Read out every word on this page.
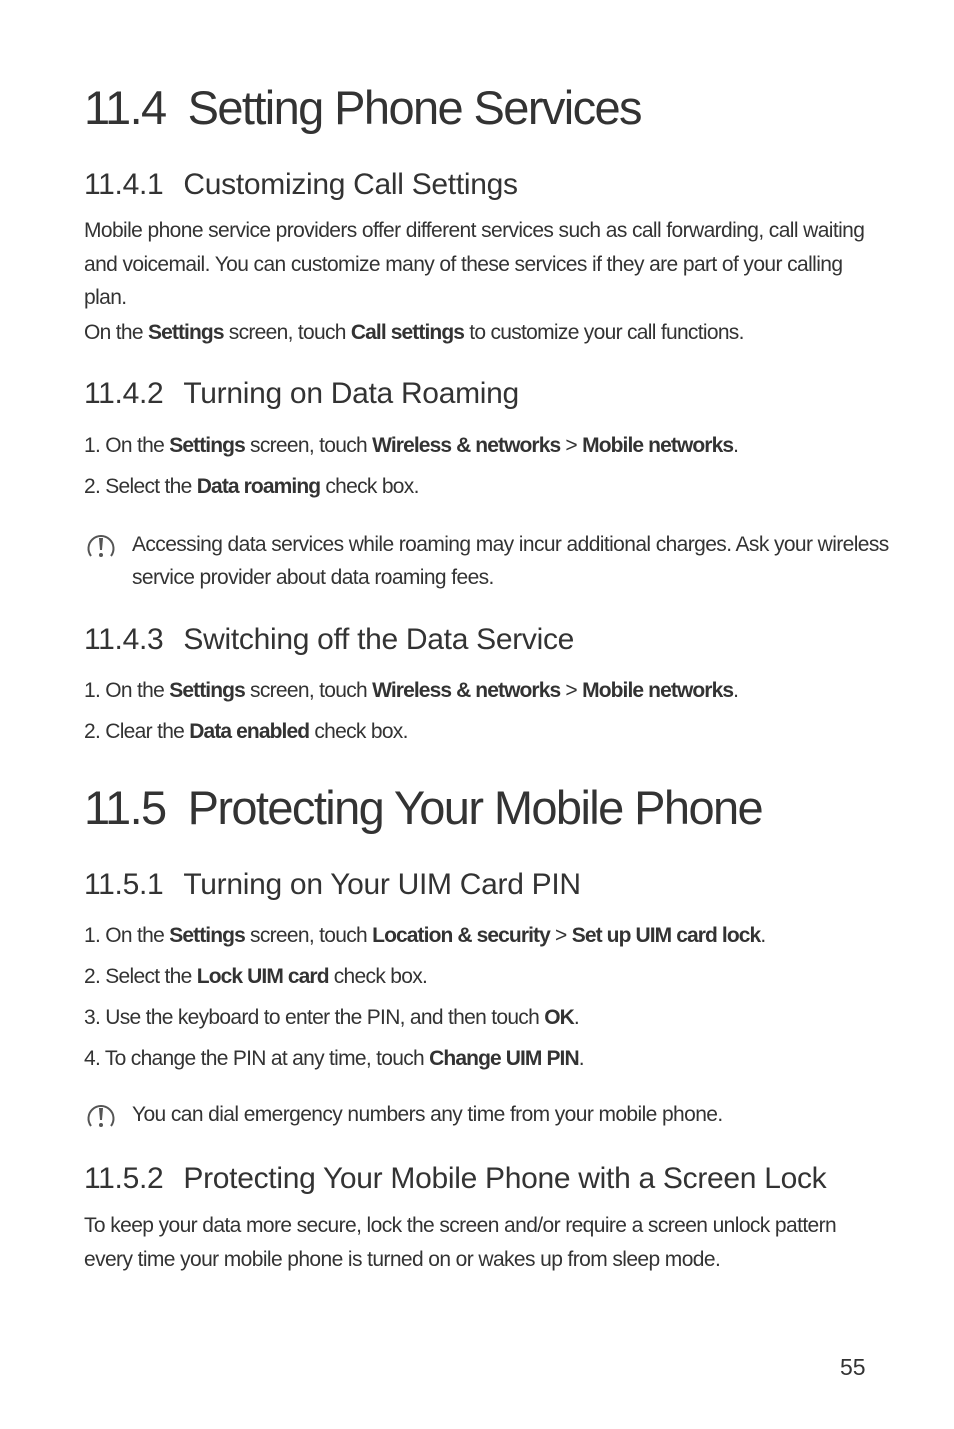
11.4 Setting Phone Services
11.4.1 Customizing Call Settings

Mobile phone service providers offer different services such as call forwarding, call waiting and voicemail. You can customize many of these services if they are part of your calling plan.

On the Settings screen, touch Call settings to customize your call functions.

11.4.2 Turning on Data Roaming

1. On the Settings screen, touch Wireless & networks > Mobile networks.

2. Select the Data roaming check box.

Accessing data services while roaming may incur additional charges. Ask your wireless service provider about data roaming fees.

11.4.3 Switching off the Data Service

1. On the Settings screen, touch Wireless & networks > Mobile networks.

2. Clear the Data enabled check box.

11.5 Protecting Your Mobile Phone
11.5.1 Turning on Your UIM Card PIN

1. On the Settings screen, touch Location & security > Set up UIM card lock.

2. Select the Lock UIM card check box.

3. Use the keyboard to enter the PIN, and then touch OK.

4. To change the PIN at any time, touch Change UIM PIN.

You can dial emergency numbers any time from your mobile phone.

11.5.2 Protecting Your Mobile Phone with a Screen Lock

To keep your data more secure, lock the screen and/or require a screen unlock pattern every time your mobile phone is turned on or wakes up from sleep mode.

55
